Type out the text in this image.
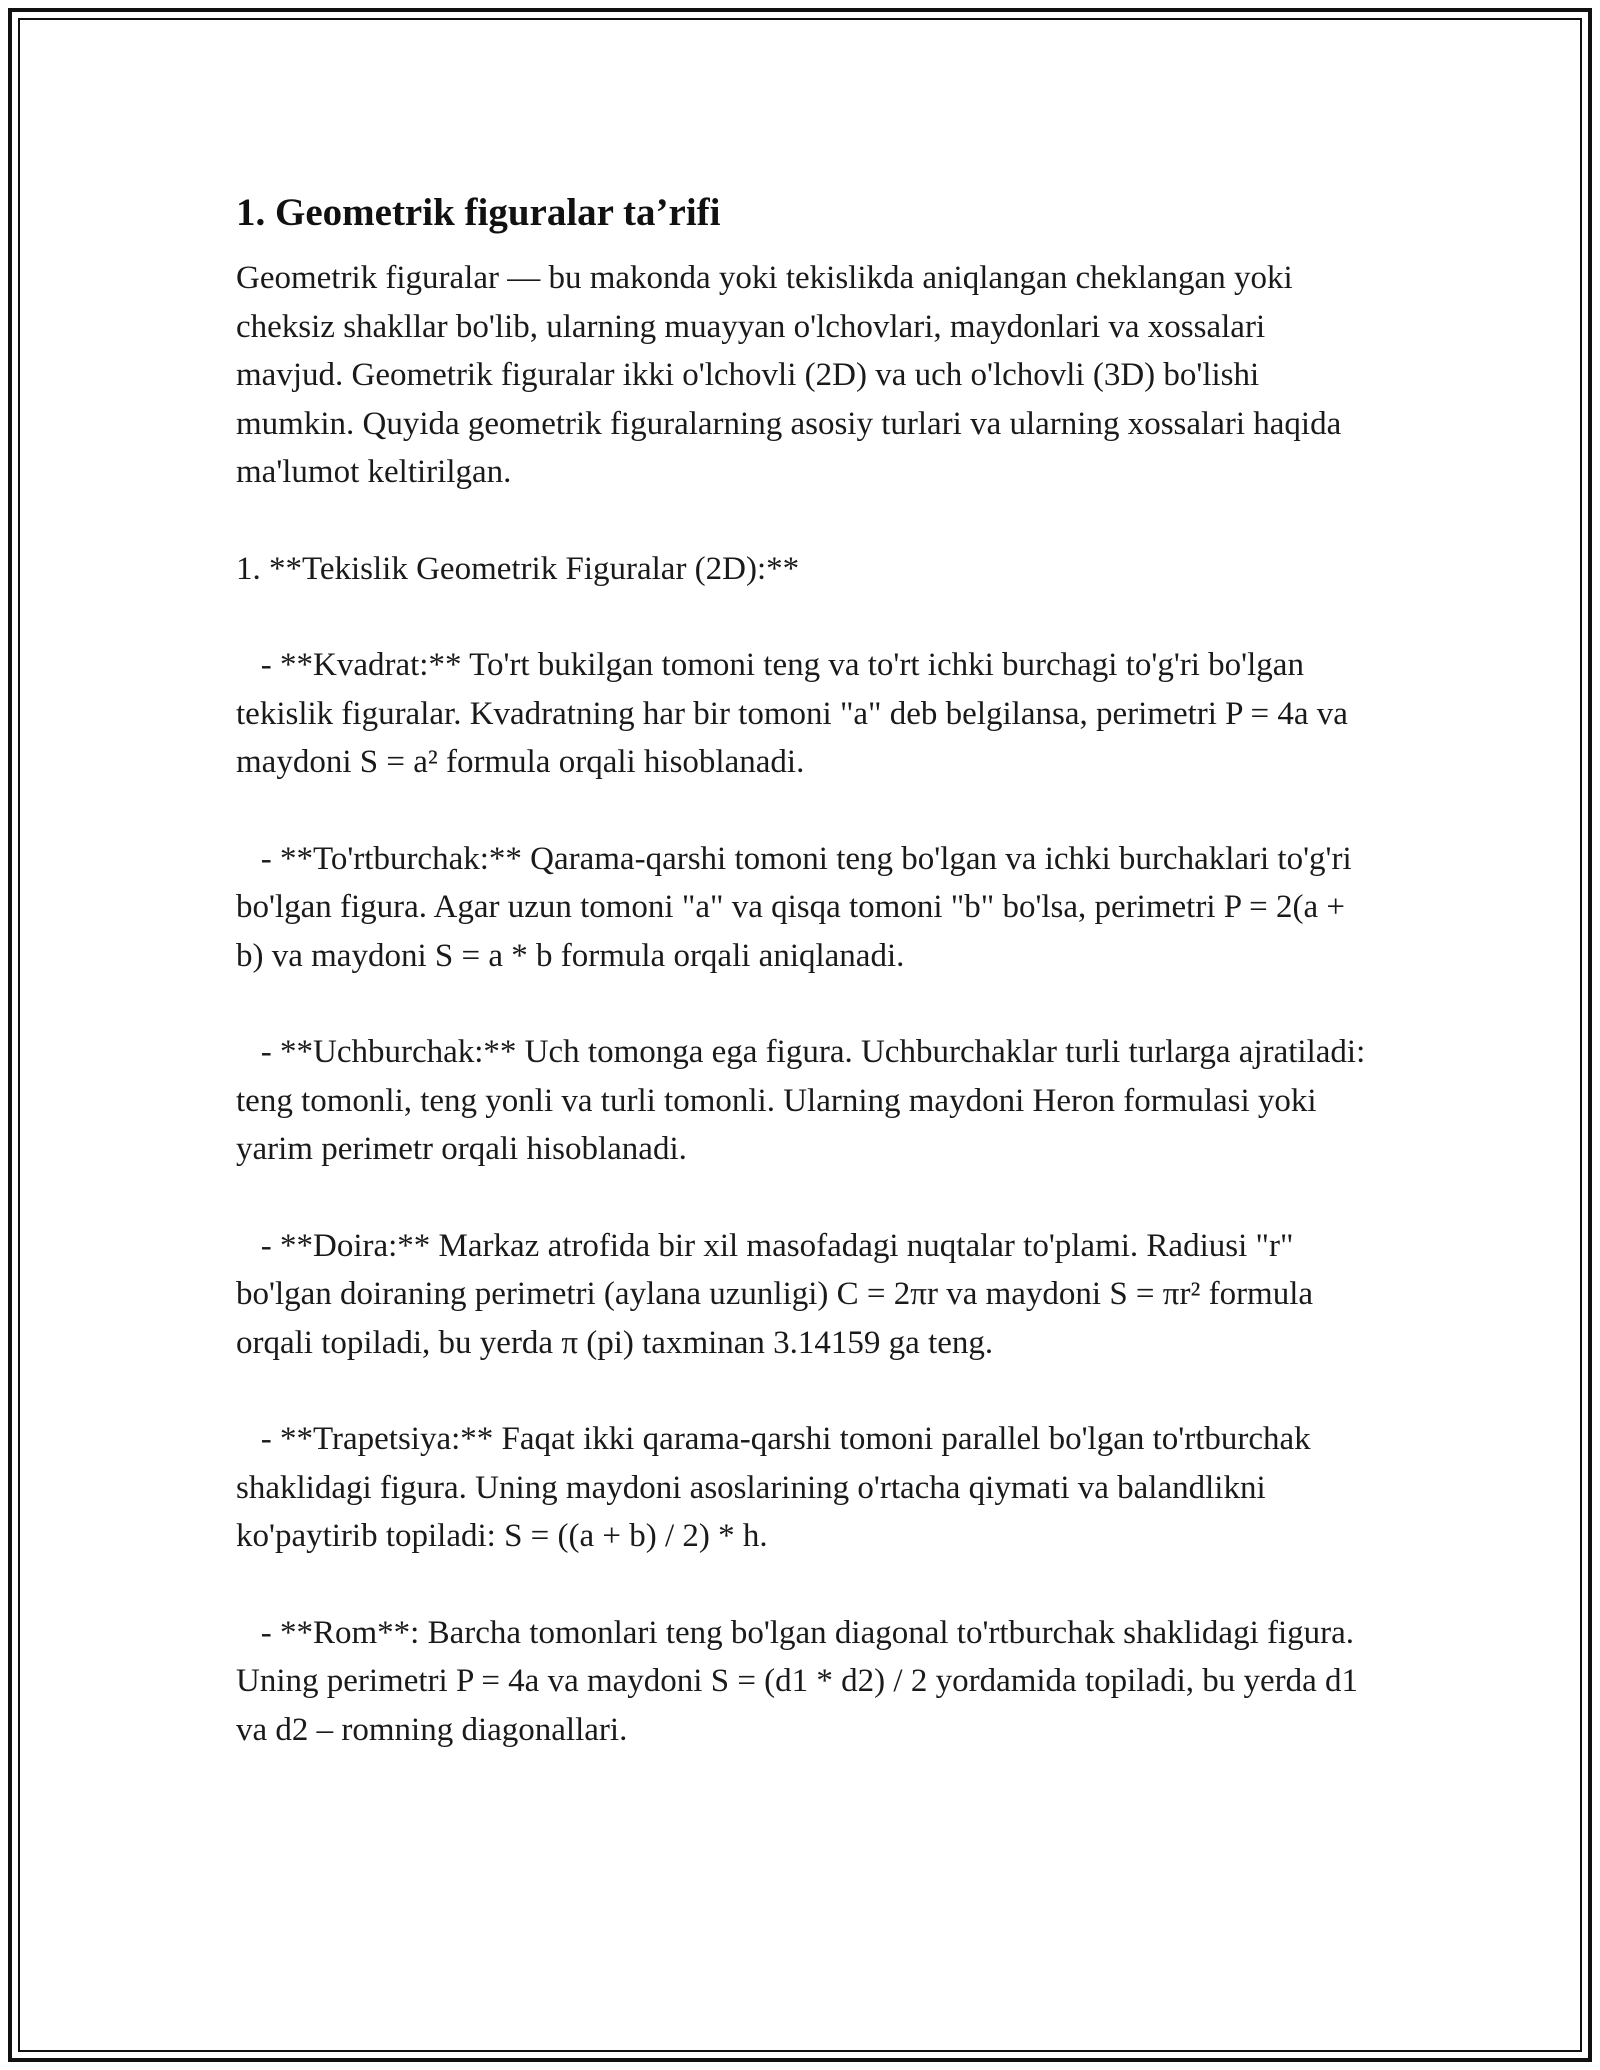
1. Geometrik figuralar ta’rifi

Geometrik figuralar — bu makonda yoki tekislikda aniqlangan cheklangan yoki cheksiz shakllar bo'lib, ularning muayyan o'lchovlari, maydonlari va xossalari mavjud. Geometrik figuralar ikki o'lchovli (2D) va uch o'lchovli (3D) bo'lishi mumkin. Quyida geometrik figuralarning asosiy turlari va ularning xossalari haqida ma'lumot keltirilgan.

1. **Tekislik Geometrik Figuralar (2D):**

- **Kvadrat:** To'rt bukilgan tomoni teng va to'rt ichki burchagi to'g'ri bo'lgan tekislik figuralar. Kvadratning har bir tomoni "a" deb belgilansa, perimetri P = 4a va maydoni S = a² formula orqali hisoblanadi.

- **To'rtburchak:** Qarama-qarshi tomoni teng bo'lgan va ichki burchaklari to'g'ri bo'lgan figura. Agar uzun tomoni "a" va qisqa tomoni "b" bo'lsa, perimetri P = 2(a + b) va maydoni S = a * b formula orqali aniqlanadi.

- **Uchburchak:** Uch tomonga ega figura. Uchburchaklar turli turlarga ajratiladi: teng tomonli, teng yonli va turli tomonli. Ularning maydoni Heron formulasi yoki yarim perimetr orqali hisoblanadi.

- **Doira:** Markaz atrofida bir xil masofadagi nuqtalar to'plami. Radiusi "r" bo'lgan doiraning perimetri (aylana uzunligi) C = 2πr va maydoni S = πr² formula orqali topiladi, bu yerda π (pi) taxminan 3.14159 ga teng.

- **Trapetsiya:** Faqat ikki qarama-qarshi tomoni parallel bo'lgan to'rtburchak shaklidagi figura. Uning maydoni asoslarining o'rtacha qiymati va balandlikni ko'paytirib topiladi: S = ((a + b) / 2) * h.

- **Rom**: Barcha tomonlari teng bo'lgan diagonal to'rtburchak shaklidagi figura. Uning perimetri P = 4a va maydoni S = (d1 * d2) / 2 yordamida topiladi, bu yerda d1 va d2 – romning diagonallari.
